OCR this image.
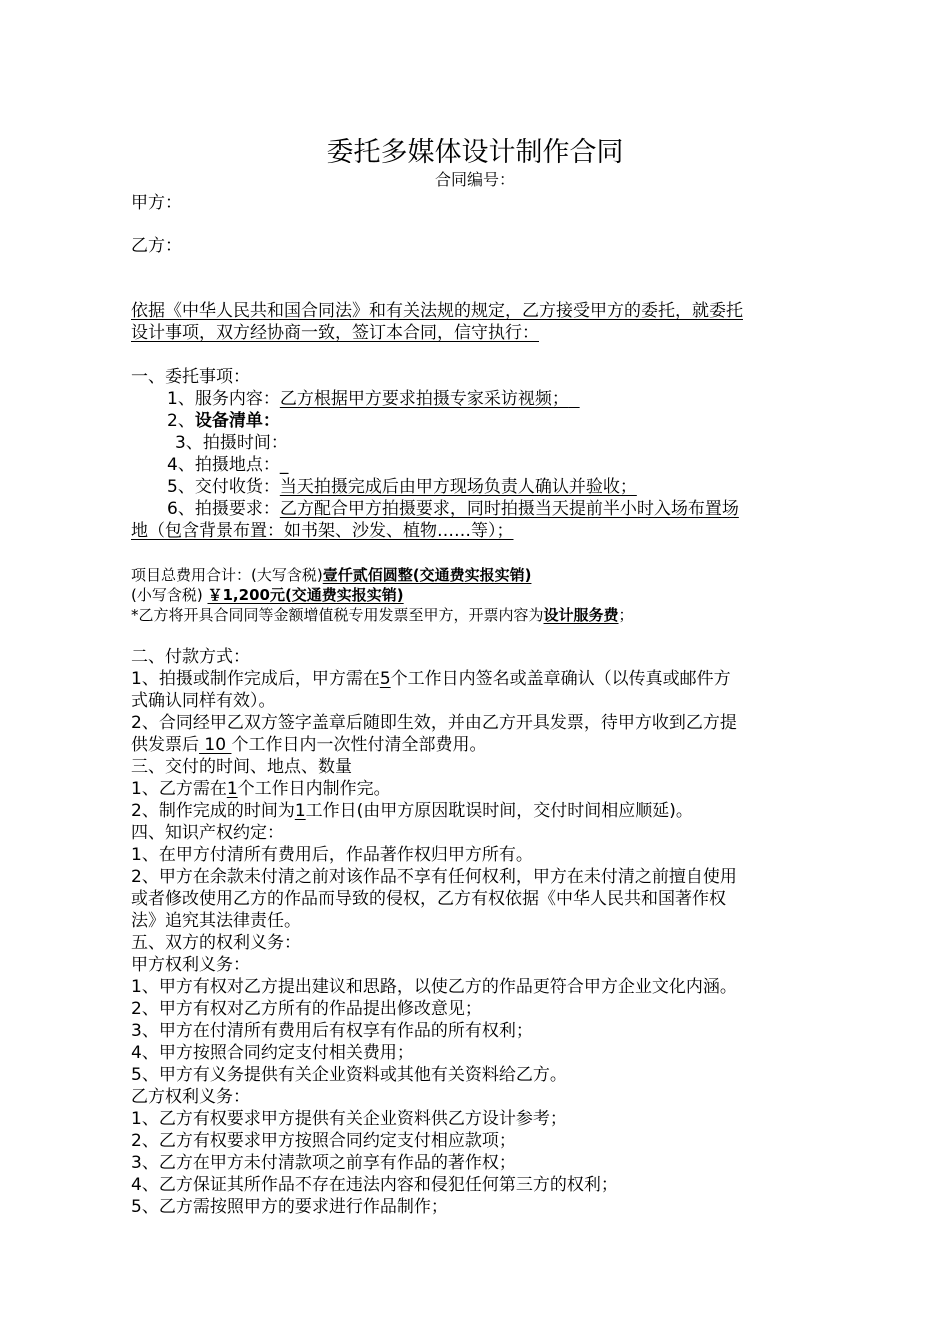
委托多媒体设计制作合同
合同编号：
甲方：
乙方：
依据《中华人民共和国合同法》和有关法规的规定，乙方接受甲方的委托，就委托
设计事项，双方经协商一致，签订本合同，信守执行：
一、委托事项：
1、服务内容：乙方根据甲方要求拍摄专家采访视频；
2、设备清单：
3、拍摄时间：
4、拍摄地点：_
5、交付收货：当天拍摄完成后由甲方现场负责人确认并验收；
6、拍摄要求：乙方配合甲方拍摄要求，同时拍摄当天提前半小时入场布置场
地（包含背景布置：如书架、沙发、植物……等）；
项目总费用合计：(大写含税)壹仟贰佰圆整(交通费实报实销)
(小写含税) ￥1,200元(交通费实报实销)
*乙方将开具合同同等金额增值税专用发票至甲方，开票内容为设计服务费；
二、付款方式：
1、拍摄或制作完成后，甲方需在5个工作日内签名或盖章确认（以传真或邮件方
式确认同样有效）。
2、合同经甲乙双方签字盖章后随即生效，并由乙方开具发票，待甲方收到乙方提
供发票后 10 个工作日内一次性付清全部费用。
三、交付的时间、地点、数量
1、乙方需在1个工作日内制作完。
2、制作完成的时间为1工作日(由甲方原因耽误时间，交付时间相应顺延)。
四、知识产权约定：
1、在甲方付清所有费用后，作品著作权归甲方所有。
2、甲方在余款未付清之前对该作品不享有任何权利，甲方在未付清之前擅自使用
或者修改使用乙方的作品而导致的侵权，乙方有权依据《中华人民共和国著作权
法》追究其法律责任。
五、双方的权利义务：
甲方权利义务：
1、甲方有权对乙方提出建议和思路，以使乙方的作品更符合甲方企业文化内涵。
2、甲方有权对乙方所有的作品提出修改意见；
3、甲方在付清所有费用后有权享有作品的所有权利；
4、甲方按照合同约定支付相关费用；
5、甲方有义务提供有关企业资料或其他有关资料给乙方。
乙方权利义务：
1、乙方有权要求甲方提供有关企业资料供乙方设计参考；
2、乙方有权要求甲方按照合同约定支付相应款项；
3、乙方在甲方未付清款项之前享有作品的著作权；
4、乙方保证其所作品不存在违法内容和侵犯任何第三方的权利；
5、乙方需按照甲方的要求进行作品制作；
